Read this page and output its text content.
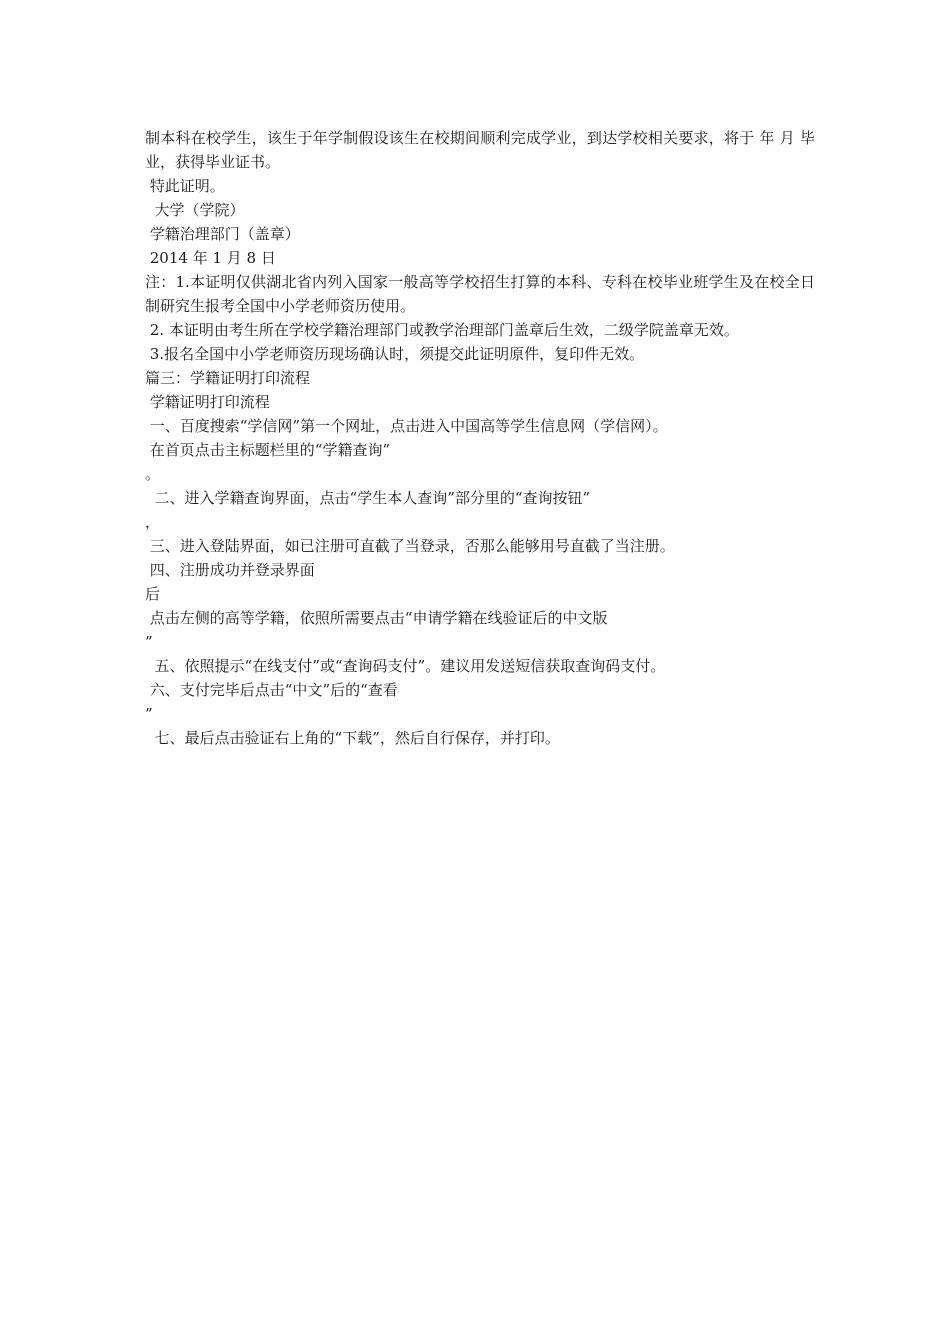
制本科在校学生，该生于年学制假设该生在校期间顺利完成学业，到达学校相关要求，将于 年 月 毕业，获得毕业证书。
特此证明。
大学（学院）
学籍治理部门（盖章）
2014 年 1 月 8 日
注：1.本证明仅供湖北省内列入国家一般高等学校招生打算的本科、专科在校毕业班学生及在校全日制研究生报考全国中小学老师资历使用。
2. 本证明由考生所在学校学籍治理部门或教学治理部门盖章后生效，二级学院盖章无效。
3.报名全国中小学老师资历现场确认时，须提交此证明原件，复印件无效。
篇三：学籍证明打印流程
学籍证明打印流程
一、百度搜索“学信网”第一个网址，点击进入中国高等学生信息网（学信网）。
在首页点击主标题栏里的“学籍查询”
。
二、进入学籍查询界面，点击“学生本人查询”部分里的“查询按钮”
，
三、进入登陆界面，如已注册可直截了当登录，否那么能够用号直截了当注册。
四、注册成功并登录界面
后
点击左侧的高等学籍，依照所需要点击“申请学籍在线验证后的中文版
”
五、依照提示“在线支付”或“查询码支付”。建议用发送短信获取查询码支付。
六、支付完毕后点击“中文”后的“查看
”
七、最后点击验证右上角的“下载”，然后自行保存，并打印。
